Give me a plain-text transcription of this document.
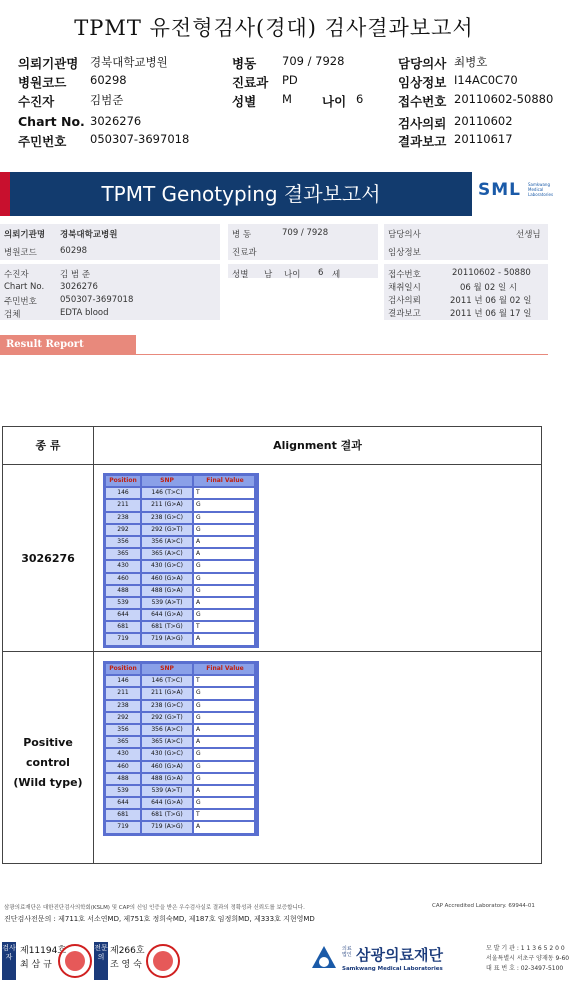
TPMT 유전형검사(경대) 검사결과보고서
의뢰기관명 경북대학교병원	병동 709 / 7928	담당의사 최병호
병원코드 60298	진료과 PD	임상정보 I14AC0C70
수진자	김범준	성별 M 나이 6	접수번호 20110602-50880
Chart No. 3026276	검사의뢰 20110602
주민번호 050307-3697018	결과보고 20110617
TPMT Genotyping 결과보고서	SML Samkwang Medical Laboratories
의뢰기관명 경북대학교병원
병원코드	60298
병 동	709 / 7928
진료과
담당의사	선생님
임상정보
수진자	김 범 준
Chart No. 3026276
주민번호	050307-3697018
검체	EDTA blood
성별 남 나이 6 세	접수번호	20110602 - 50880
채취일시	06 월 02 일 시
검사의뢰	2011 년 06 월 02 일
결과보고	2011 년 06 월 17 일
Result Report
종 류	Alignment 결과
3026276
Positive
control
(Wild type)
Position	SNP	Final Value
146	146 (T>C)	T
211	211 (G>A)	G
238	238 (G>C)	G
292	292 (G>T)	G
356	356 (A>C)	A
365	365 (A>C)	A
430	430 (G>C)	G
460	460 (G>A)	G
488	488 (G>A)	G
539	539 (A>T)	A
644	644 (G>A)	G
681	681 (T>G)	T
719	719 (A>G)	A
Position	SNP	Final Value
146	146 (T>C)	T
211	211 (G>A)	G
238	238 (G>C)	G
292	292 (G>T)	G
356	356 (A>C)	A
365	365 (A>C)	A
430	430 (G>C)	G
460	460 (G>A)	G
488	488 (G>A)	G
539	539 (A>T)	A
644	644 (G>A)	G
681	681 (T>G)	T
719	719 (A>G)	A
삼광의료재단은 대한진단검사의학회(KSLM) 및 CAP의 신임 인증을 받은 우수검사실로 결과의 정확성과 신뢰도를 보증합니다.	CAP Accredited Laboratory. 69944-01
진단검사전문의 : 제711호 서소연MD, 제751호 정희숙MD, 제187호 임정희MD, 제333호 지현영MD
검사자
제11194호
최 삼 규
전문의
제266호
조 영 숙
의료법인 삼광의료재단
Samkwang Medical Laboratories
모 발 기 관 : 1 1 3 6 5 2 0 0
서울특별시 서초구 양재동 9-60
대 표 번 호 : 02-3497-5100
